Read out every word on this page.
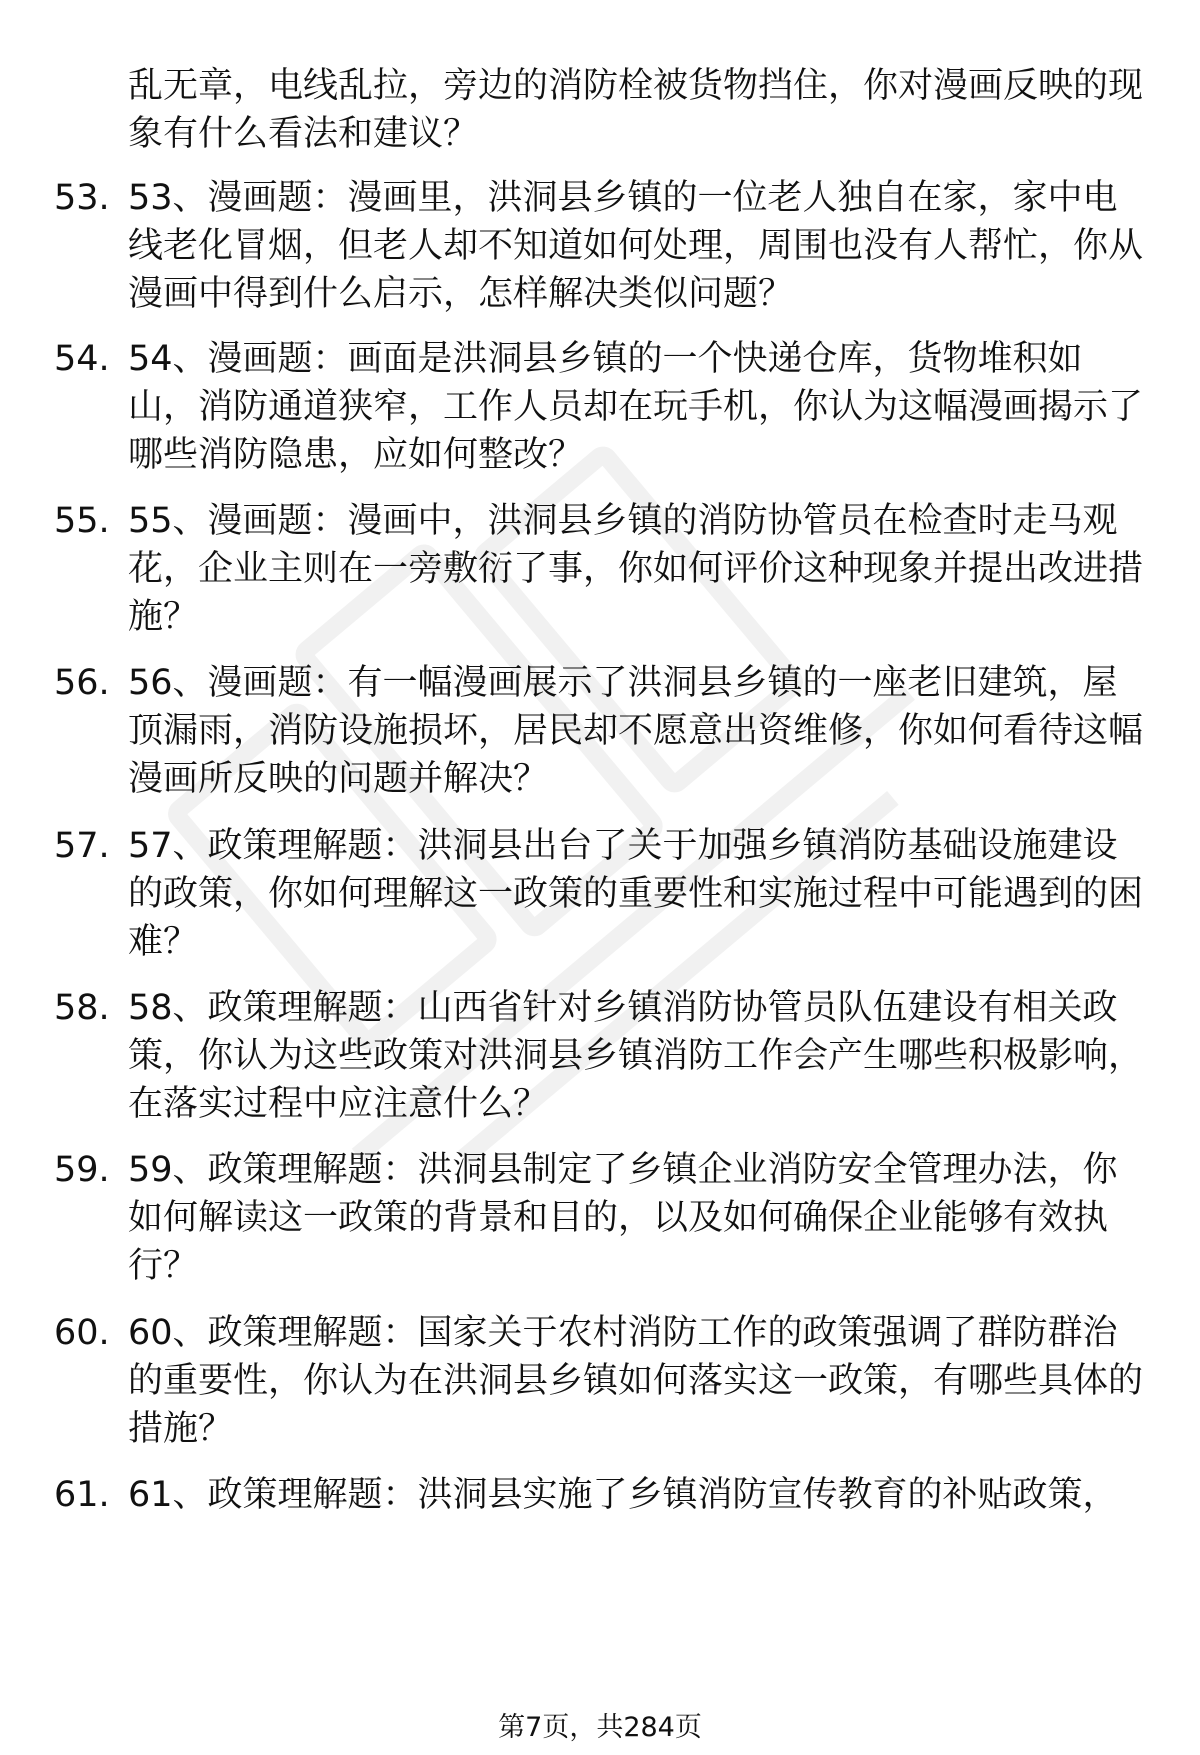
乱无章，电线乱拉，旁边的消防栓被货物挡住，你对漫画反映的现象有什么看法和建议？

53. 53、漫画题：漫画里，洪洞县乡镇的一位老人独自在家，家中电线老化冒烟，但老人却不知道如何处理，周围也没有人帮忙，你从漫画中得到什么启示，怎样解决类似问题？

54. 54、漫画题：画面是洪洞县乡镇的一个快递仓库，货物堆积如山，消防通道狭窄，工作人员却在玩手机，你认为这幅漫画揭示了哪些消防隐患，应如何整改？

55. 55、漫画题：漫画中，洪洞县乡镇的消防协管员在检查时走马观花，企业主则在一旁敷衍了事，你如何评价这种现象并提出改进措施？

56. 56、漫画题：有一幅漫画展示了洪洞县乡镇的一座老旧建筑，屋顶漏雨，消防设施损坏，居民却不愿意出资维修，你如何看待这幅漫画所反映的问题并解决？

57. 57、政策理解题：洪洞县出台了关于加强乡镇消防基础设施建设的政策，你如何理解这一政策的重要性和实施过程中可能遇到的困难？

58. 58、政策理解题：山西省针对乡镇消防协管员队伍建设有相关政策，你认为这些政策对洪洞县乡镇消防工作会产生哪些积极影响，在落实过程中应注意什么？

59. 59、政策理解题：洪洞县制定了乡镇企业消防安全管理办法，你如何解读这一政策的背景和目的，以及如何确保企业能够有效执行？

60. 60、政策理解题：国家关于农村消防工作的政策强调了群防群治的重要性，你认为在洪洞县乡镇如何落实这一政策，有哪些具体的措施？

61. 61、政策理解题：洪洞县实施了乡镇消防宣传教育的补贴政策，

第7页，共284页
